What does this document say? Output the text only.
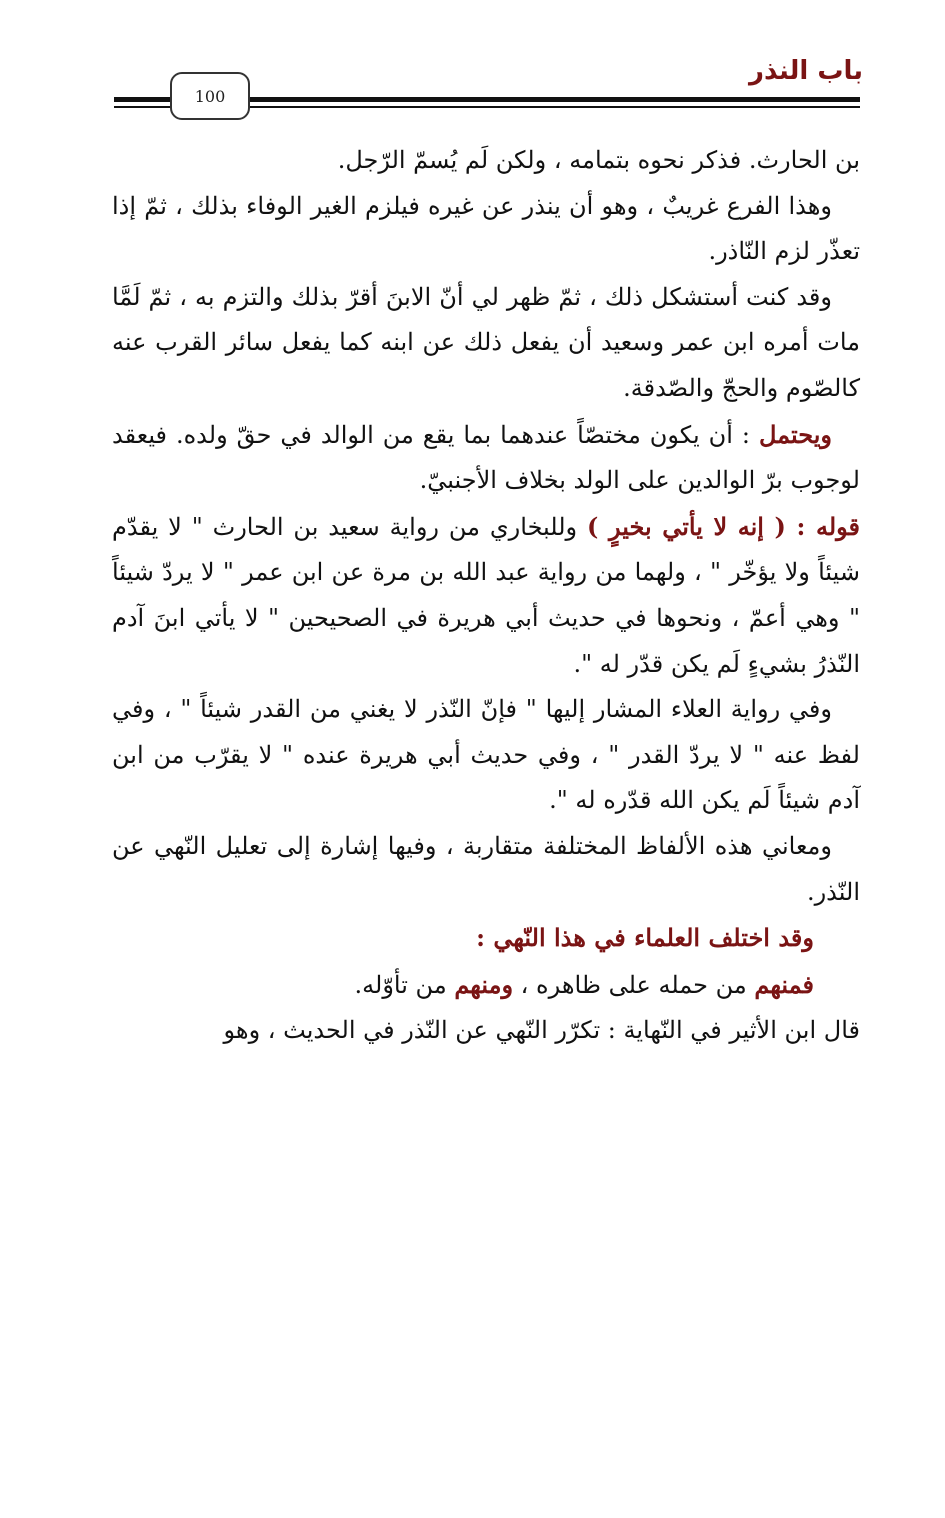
باب النذر
100

بن الحارث. فذكر نحوه بتمامه ، ولكن لَم يُسمّ الرّجل.

وهذا الفرع غريبٌ ، وهو أن ينذر عن غيره فيلزم الغير الوفاء بذلك ، ثمّ إذا تعذّر لزم النّاذر.

وقد كنت أستشكل ذلك ، ثمّ ظهر لي أنّ الابنَ أقرّ بذلك والتزم به ، ثمّ لَمَّا مات أمره ابن عمر وسعيد أن يفعل ذلك عن ابنه كما يفعل سائر القرب عنه كالصّوم والحجّ والصّدقة.

ويحتمل : أن يكون مختصّاً عندهما بما يقع من الوالد في حقّ ولده. فيعقد لوجوب برّ الوالدين على الولد بخلاف الأجنبيّ.

قوله : ( إنه لا يأتي بخيرٍ ) وللبخاري من رواية سعيد بن الحارث " لا يقدّم شيئاً ولا يؤخّر " ، ولهما من رواية عبد الله بن مرة عن ابن عمر " لا يردّ شيئاً " وهي أعمّ ، ونحوها في حديث أبي هريرة في الصحيحين " لا يأتي ابنَ آدم النّذرُ بشيءٍ لَم يكن قدّر له ".

وفي رواية العلاء المشار إليها " فإنّ النّذر لا يغني من القدر شيئاً " ، وفي لفظ عنه " لا يردّ القدر " ، وفي حديث أبي هريرة عنده " لا يقرّب من ابن آدم شيئاً لَم يكن الله قدّره له ".

ومعاني هذه الألفاظ المختلفة متقاربة ، وفيها إشارة إلى تعليل النّهي عن النّذر.

وقد اختلف العلماء في هذا النّهي :

فمنهم من حمله على ظاهره ، ومنهم من تأوّله.

قال ابن الأثير في النّهاية : تكرّر النّهي عن النّذر في الحديث ، وهو
